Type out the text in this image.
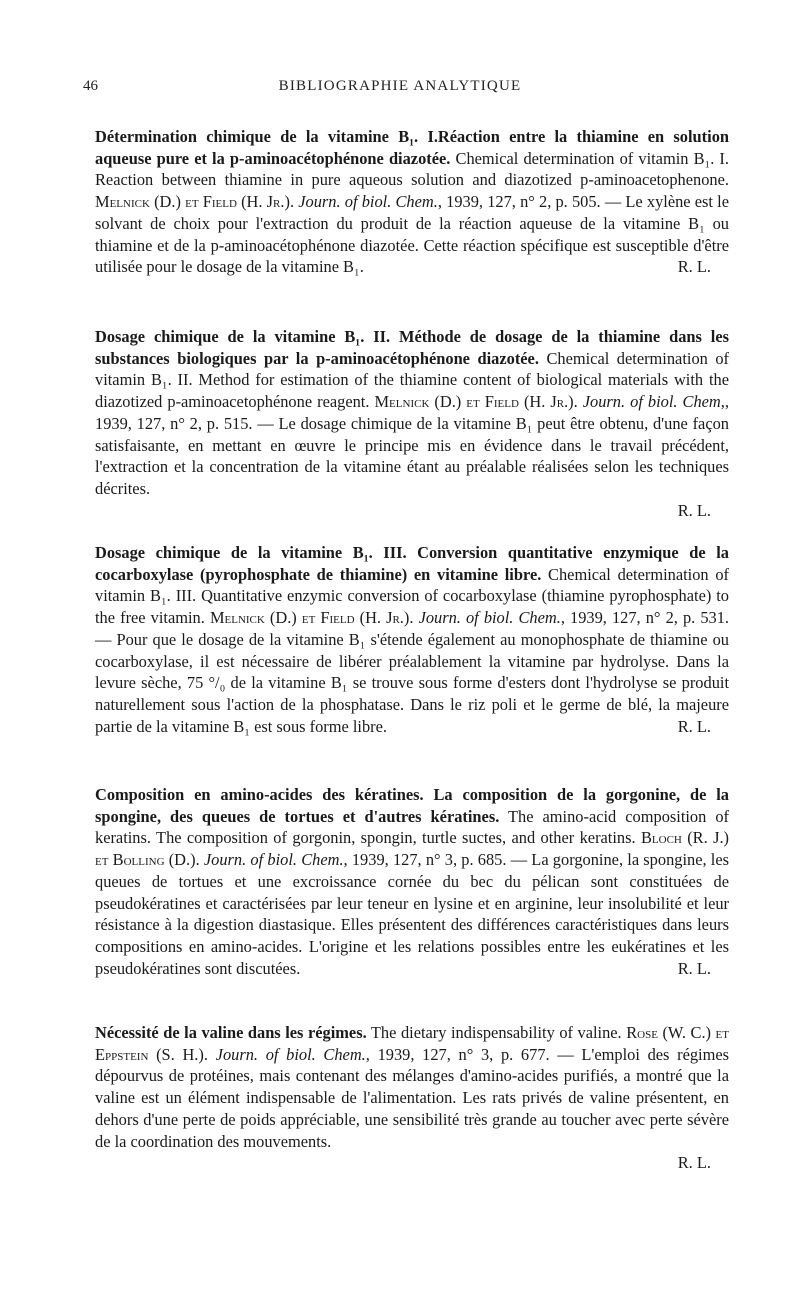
46	BIBLIOGRAPHIE ANALYTIQUE

Détermination chimique de la vitamine B₁. I.Réaction entre la thiamine en solution aqueuse pure et la p-aminoacétophénone diazotée. Chemical determination of vitamin B₁. I. Reaction between thiamine in pure aqueous solution and diazotized p-aminoacetophenone. Melnick (D.) et Field (H. Jr.). Journ. of biol. Chem., 1939, 127, n° 2, p. 505. — Le xylène est le solvant de choix pour l'extraction du produit de la réaction aqueuse de la vitamine B₁ ou thiamine et de la p-aminoacétophénone diazotée. Cette réaction spécifique est susceptible d'être utilisée pour le dosage de la vitamine B₁.	R. L.

Dosage chimique de la vitamine B₁. II. Méthode de dosage de la thiamine dans les substances biologiques par la p-aminoacétophénone diazotée. Chemical determination of vitamin B₁. II. Method for estimation of the thiamine content of biological materials with the diazotized p-aminoacetophénone reagent. Melnick (D.) et Field (H. Jr.). Journ. of biol. Chem,, 1939, 127, n° 2, p. 515. — Le dosage chimique de la vitamine B₁ peut être obtenu, d'une façon satisfaisante, en mettant en œuvre le principe mis en évidence dans le travail précédent, l'extraction et la concentration de la vitamine étant au préalable réalisées selon les techniques décrites.

R. L.

Dosage chimique de la vitamine B₁. III. Conversion quantitative enzymique de la cocarboxylase (pyrophosphate de thiamine) en vitamine libre. Chemical determination of vitamin B₁. III. Quantitative enzymic conversion of cocarboxylase (thiamine pyrophosphate) to the free vitamin. Melnick (D.) et Field (H. Jr.). Journ. of biol. Chem., 1939, 127, n° 2, p. 531. — Pour que le dosage de la vitamine B₁ s'étende également au monophosphate de thiamine ou cocarboxylase, il est nécessaire de libérer préalablement la vitamine par hydrolyse. Dans la levure sèche, 75 °/₀ de la vitamine B₁ se trouve sous forme d'esters dont l'hydrolyse se produit naturellement sous l'action de la phosphatase. Dans le riz poli et le germe de blé, la majeure partie de la vitamine B₁ est sous forme libre.	R. L.

Composition en amino-acides des kératines. La composition de la gorgonine, de la spongine, des queues de tortues et d'autres kératines. The amino-acid composition of keratins. The composition of gorgonin, spongin, turtle suctes, and other keratins. Bloch (R. J.) et Bolling (D.). Journ. of biol. Chem., 1939, 127, n° 3, p. 685. — La gorgonine, la spongine, les queues de tortues et une excroissance cornée du bec du pélican sont constituées de pseudokératines et caractérisées par leur teneur en lysine et en arginine, leur insolubilité et leur résistance à la digestion diastasique. Elles présentent des différences caractéristiques dans leurs compositions en amino-acides. L'origine et les relations possibles entre les eukératines et les pseudokératines sont discutées.	R. L.

Nécessité de la valine dans les régimes. The dietary indispensability of valine. Rose (W. C.) et Eppstein (S. H.). Journ. of biol. Chem., 1939, 127, n° 3, p. 677. — L'emploi des régimes dépourvus de protéines, mais contenant des mélanges d'amino-acides purifiés, a montré que la valine est un élément indispensable de l'alimentation. Les rats privés de valine présentent, en dehors d'une perte de poids appréciable, une sensibilité très grande au toucher avec perte sévère de la coordination des mouvements.

R. L.
